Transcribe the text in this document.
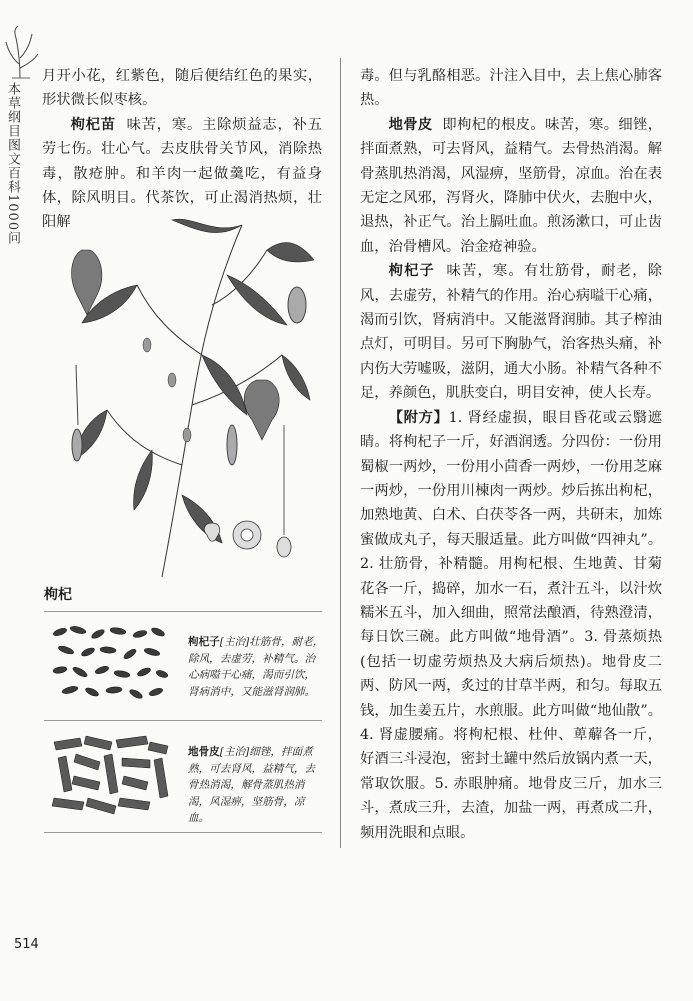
本草纲目图文百科1000问

月开小花，红紫色，随后便结红色的果实，形状微长似枣核。

枸杞苗 味苦，寒。主除烦益志，补五劳七伤。壮心气。去皮肤骨关节风，消除热毒，散疮肿。和羊肉一起做羹吃，有益身体，除风明目。代茶饮，可止渴消热烦，壮阳解

枸杞
枸杞子[主治]壮筋骨，耐老，除风，去虚劳，补精气。治心病嗌干心痛，渴而引饮，肾病消中，又能滋肾润肺。
地骨皮[主治]细锉，拌面煮熟，可去肾风，益精气，去骨热消渴，解骨蒸肌热消渴，风湿痹，坚筋骨，凉血。

毒。但与乳酪相恶。汁注入目中，去上焦心肺客热。

地骨皮 即枸杞的根皮。味苦，寒。细锉，拌面煮熟，可去肾风，益精气。去骨热消渴。解骨蒸肌热消渴，风湿痹，坚筋骨，凉血。治在表无定之风邪，泻肾火，降肺中伏火，去胞中火，退热，补正气。治上膈吐血。煎汤漱口，可止齿血，治骨槽风。治金疮神验。

枸杞子 味苦，寒。有壮筋骨，耐老，除风，去虚劳，补精气的作用。治心病嗌干心痛，渴而引饮，肾病消中。又能滋肾润肺。其子榨油点灯，可明目。另可下胸胁气，治客热头痛，补内伤大劳嘘吸，滋阴，通大小肠。补精气各种不足，养颜色，肌肤变白，明目安神，使人长寿。

【附方】1. 肾经虚损，眼目昏花或云翳遮睛。将枸杞子一斤，好酒润透。分四份：一份用蜀椒一两炒，一份用小茴香一两炒，一份用芝麻一两炒，一份用川楝肉一两炒。炒后拣出枸杞，加熟地黄、白术、白茯苓各一两，共研末，加炼蜜做成丸子，每天服适量。此方叫做“四神丸”。2. 壮筋骨，补精髓。用枸杞根、生地黄、甘菊花各一斤，捣碎，加水一石，煮汁五斗，以汁炊糯米五斗，加入细曲，照常法酿酒，待熟澄清，每日饮三碗。此方叫做“地骨酒”。3. 骨蒸烦热(包括一切虚劳烦热及大病后烦热)。地骨皮二两、防风一两，炙过的甘草半两，和匀。每取五钱，加生姜五片，水煎服。此方叫做“地仙散”。4. 肾虚腰痛。将枸杞根、杜仲、萆薢各一斤，好酒三斗浸泡，密封土罐中然后放锅内煮一天，常取饮服。5. 赤眼肿痛。地骨皮三斤，加水三斗，煮成三升，去渣，加盐一两，再煮成二升，频用洗眼和点眼。

514
